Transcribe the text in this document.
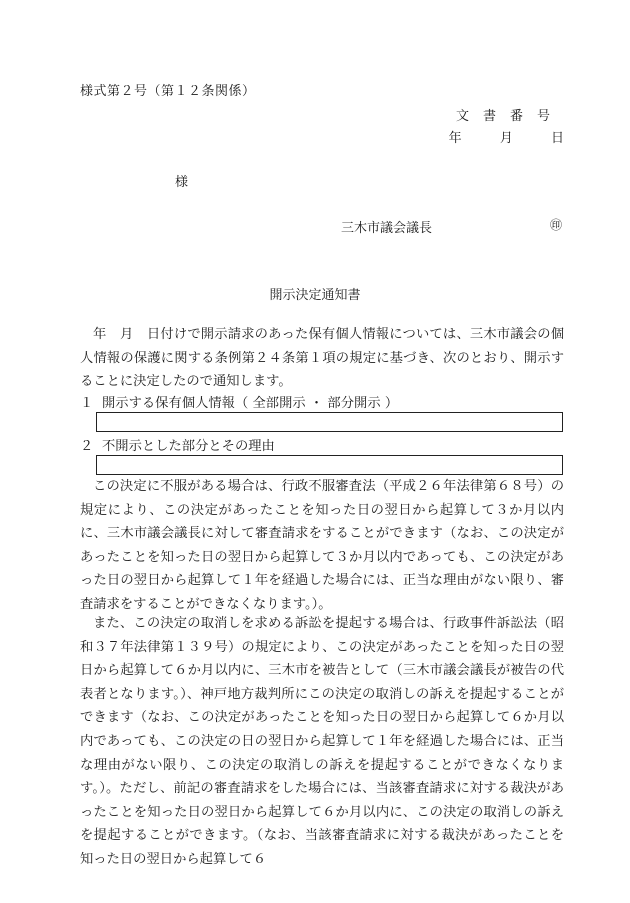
様式第２号（第１２条関係）
文書番号
年	月	日
様
三木市議会議長	㊞
開示決定通知書
年　月　日付けで開示請求のあった保有個人情報については、三木市議会の個人情報の保護に関する条例第２４条第１項の規定に基づき、次のとおり、開示することに決定したので通知します。
１ 開示する保有個人情報（ 全部開示 ・ 部分開示 ）
２ 不開示とした部分とその理由
この決定に不服がある場合は、行政不服審査法（平成２６年法律第６８号）の規定により、この決定があったことを知った日の翌日から起算して３か月以内に、三木市議会議長に対して審査請求をすることができます（なお、この決定があったことを知った日の翌日から起算して３か月以内であっても、この決定があった日の翌日から起算して１年を経過した場合には、正当な理由がない限り、審査請求をすることができなくなります。）。
また、この決定の取消しを求める訴訟を提起する場合は、行政事件訴訟法（昭和３７年法律第１３９号）の規定により、この決定があったことを知った日の翌日から起算して６か月以内に、三木市を被告として（三木市議会議長が被告の代表者となります。）、神戸地方裁判所にこの決定の取消しの訴えを提起することができます（なお、この決定があったことを知った日の翌日から起算して６か月以内であっても、この決定の日の翌日から起算して１年を経過した場合には、正当な理由がない限り、この決定の取消しの訴えを提起することができなくなります。）。ただし、前記の審査請求をした場合には、当該審査請求に対する裁決があったことを知った日の翌日から起算して６か月以内に、この決定の取消しの訴えを提起することができます。（なお、当該審査請求に対する裁決があったことを知った日の翌日から起算して６
